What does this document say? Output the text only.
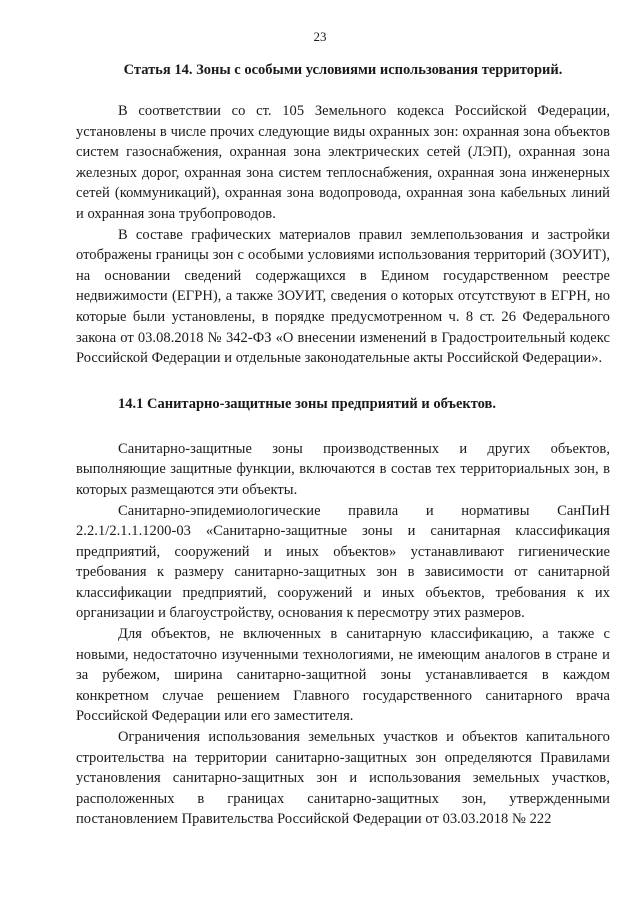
23
Статья 14. Зоны с особыми условиями использования территорий.

В соответствии со ст. 105 Земельного кодекса Российской Федерации, установлены в числе прочих следующие виды охранных зон: охранная зона объектов систем газоснабжения, охранная зона электрических сетей (ЛЭП), охранная зона железных дорог, охранная зона систем теплоснабжения, охранная зона инженерных сетей (коммуникаций), охранная зона водопровода, охранная зона кабельных линий и охранная зона трубопроводов.

В составе графических материалов правил землепользования и застройки отображены границы зон с особыми условиями использования территорий (ЗОУИТ), на основании сведений содержащихся в Едином государственном реестре недвижимости (ЕГРН), а также ЗОУИТ, сведения о которых отсутствуют в ЕГРН, но которые были установлены, в порядке предусмотренном ч. 8 ст. 26 Федерального закона от 03.08.2018 № 342-ФЗ «О внесении изменений в Градостроительный кодекс Российской Федерации и отдельные законодательные акты Российской Федерации».

14.1 Санитарно-защитные зоны предприятий и объектов.

Санитарно-защитные зоны производственных и других объектов, выполняющие защитные функции, включаются в состав тех территориальных зон, в которых размещаются эти объекты.

Санитарно-эпидемиологические правила и нормативы СанПиН 2.2.1/2.1.1.1200-03 «Санитарно-защитные зоны и санитарная классификация предприятий, сооружений и иных объектов» устанавливают гигиенические требования к размеру санитарно-защитных зон в зависимости от санитарной классификации предприятий, сооружений и иных объектов, требования к их организации и благоустройству, основания к пересмотру этих размеров.

Для объектов, не включенных в санитарную классификацию, а также с новыми, недостаточно изученными технологиями, не имеющим аналогов в стране и за рубежом, ширина санитарно-защитной зоны устанавливается в каждом конкретном случае решением Главного государственного санитарного врача Российской Федерации или его заместителя.

Ограничения использования земельных участков и объектов капитального строительства на территории санитарно-защитных зон определяются Правилами установления санитарно-защитных зон и использования земельных участков, расположенных в границах санитарно-защитных зон, утвержденными постановлением Правительства Российской Федерации от 03.03.2018 № 222
